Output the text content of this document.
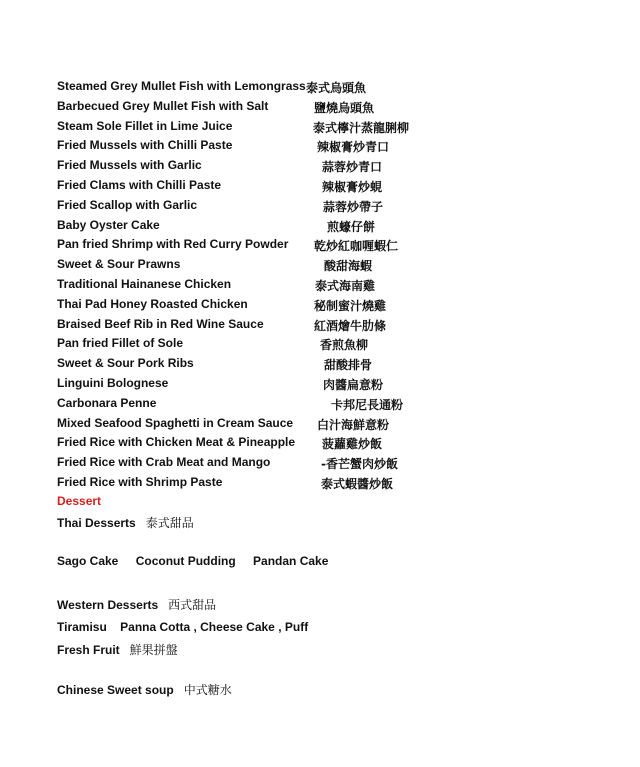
Steamed Grey Mullet Fish with Lemongrass 泰式烏頭魚
Barbecued Grey Mullet Fish with Salt	鹽燒烏頭魚
Steam Sole Fillet in Lime Juice	泰式檸汁蒸龍脷柳
Fried Mussels with Chilli Paste	辣椒膏炒青口
Fried Mussels with Garlic	蒜蓉炒青口
Fried Clams with Chilli Paste	辣椒膏炒蜆
Fried Scallop with Garlic	蒜蓉炒帶子
Baby Oyster Cake	煎蠔仔餅
Pan fried Shrimp with Red Curry Powder 乾炒紅咖喱蝦仁
Sweet & Sour Prawns	酸甜海蝦
Traditional Hainanese Chicken	泰式海南雞
Thai Pad Honey Roasted Chicken	秘制蜜汁燒雞
Braised Beef Rib in Red Wine Sauce	紅酒燴牛肋條
Pan fried Fillet of Sole	香煎魚柳
Sweet & Sour Pork Ribs	甜酸排骨
Linguini Bolognese	肉醬扁意粉
Carbonara Penne	卡邦尼長通粉
Mixed Seafood Spaghetti in Cream Sauce 白汁海鮮意粉
Fried Rice with Chicken Meat & Pineapple 菠蘿雞炒飯
Fried Rice with Crab Meat and Mango	-香芒蟹肉炒飯
Fried Rice with Shrimp Paste	泰式蝦醬炒飯
Dessert
Thai Desserts 泰式甜品
Sago Cake Coconut Pudding Pandan Cake
Western Desserts 西式甜品
Tiramisu    Panna Cotta , Cheese Cake , Puff
Fresh Fruit 鮮果拼盤
Chinese Sweet soup 中式糖水
